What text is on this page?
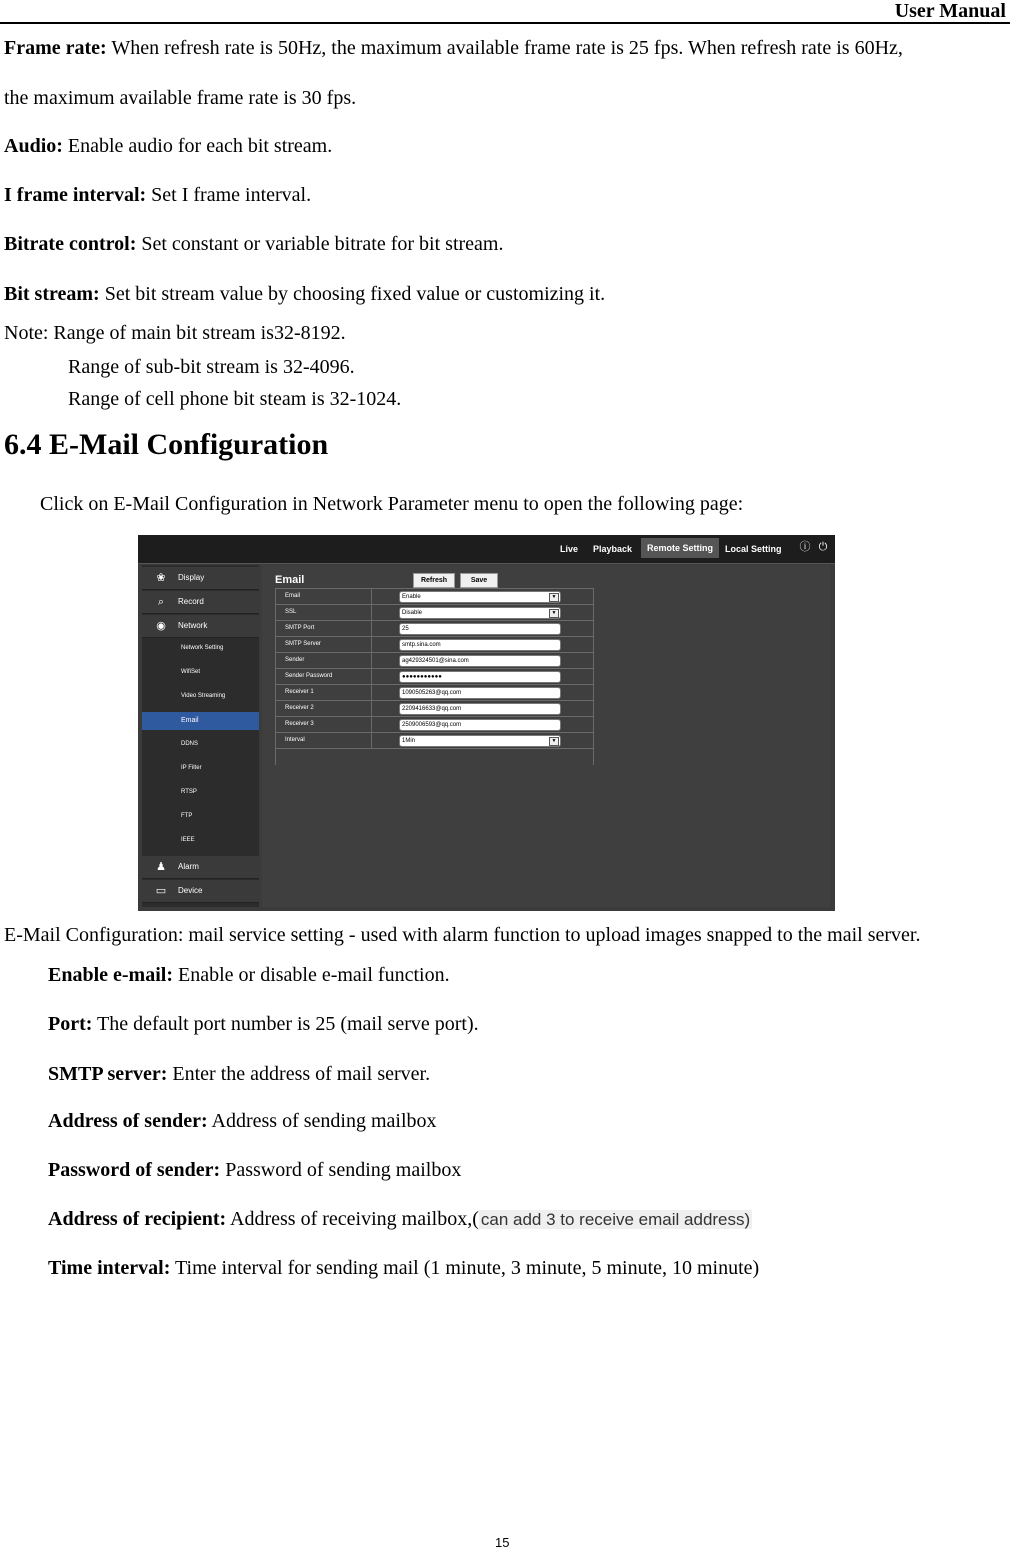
User Manual
Frame rate: When refresh rate is 50Hz, the maximum available frame rate is 25 fps. When refresh rate is 60Hz,
the maximum available frame rate is 30 fps.
Audio: Enable audio for each bit stream.
I frame interval: Set I frame interval.
Bitrate control: Set constant or variable bitrate for bit stream.
Bit stream: Set bit stream value by choosing fixed value or customizing it.
Note: Range of main bit stream is32-8192.
Range of sub-bit stream is 32-4096.
Range of cell phone bit steam is 32-1024.
6.4 E-Mail Configuration
Click on E-Mail Configuration in Network Parameter menu to open the following page:
Live Playback	Remote Setting	Local Setting ⓘ ⏻
❀ Display
⌕	Record
◉ Network
Network Setting
WifiSet
Video Streaming
Email
DDNS
IP Filter
RTSP
FTP
IEEE
♟ Alarm
▭ Device
Email	Refresh	Save
Email	Enable	▼
SSL	Disable	▼
SMTP Port	25
SMTP Server	smtp.sina.com
Sender	ag429324501@sina.com
Sender Password	●●●●●●●●●●●
Receiver 1	1090505263@qq.com
Receiver 2	2209416633@qq.com
Receiver 3	2509006593@qq.com
Interval	1Min	▼
E-Mail Configuration: mail service setting - used with alarm function to upload images snapped to the mail server.
Enable e-mail: Enable or disable e-mail function.
Port: The default port number is 25 (mail serve port).
SMTP server: Enter the address of mail server.
Address of sender: Address of sending mailbox
Password of sender: Password of sending mailbox
Address of recipient: Address of receiving mailbox,( can add 3 to receive email address)
Time interval: Time interval for sending mail (1 minute, 3 minute, 5 minute, 10 minute)
15
